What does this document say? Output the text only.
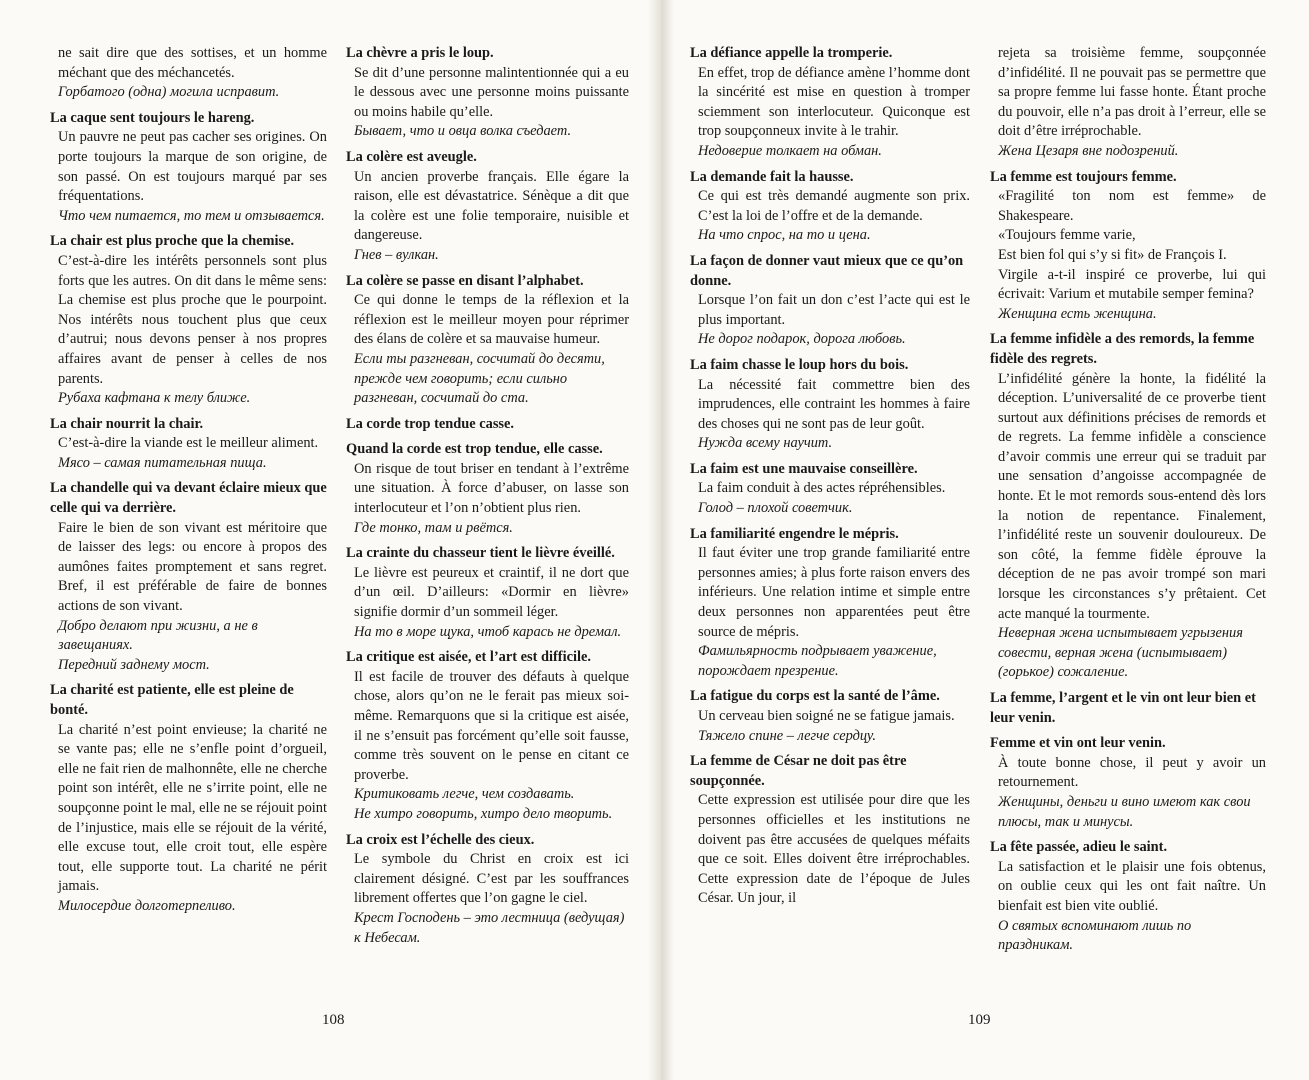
ne sait dire que des sottises, et un homme méchant que des méchancetés.

Горбатого (одна) могила исправит.

La caque sent toujours le hareng.

Un pauvre ne peut pas cacher ses origines. On porte toujours la marque de son origine, de son passé. On est toujours marqué par ses fréquentations.

Что чем питается, то тем и отзывается.

La chair est plus proche que la chemise.

C’est-à-dire les intérêts personnels sont plus forts que les autres. On dit dans le même sens: La chemise est plus proche que le pourpoint. Nos intérêts nous touchent plus que ceux d’autrui; nous devons penser à nos propres affaires avant de penser à celles de nos parents.

Рубаха кафтана к телу ближе.

La chair nourrit la chair.

C’est-à-dire la viande est le meilleur aliment.

Мясо – самая питательная пища.

La chandelle qui va devant éclaire mieux que celle qui va derrière.

Faire le bien de son vivant est méritoire que de laisser des legs: ou encore à propos des aumônes faites promptement et sans regret. Bref, il est préférable de faire de bonnes actions de son vivant.

Добро делают при жизни, а не в завещаниях.

Передний заднему мост.

La charité est patiente, elle est pleine de bonté.

La charité n’est point envieuse; la charité ne se vante pas; elle ne s’enfle point d’orgueil, elle ne fait rien de malhonnête, elle ne cherche point son intérêt, elle ne s’irrite point, elle ne soupçonne point le mal, elle ne se réjouit point de l’injustice, mais elle se réjouit de la vérité, elle excuse tout, elle croit tout, elle espère tout, elle supporte tout. La charité ne périt jamais.

Милосердие долготерпеливо.

La chèvre a pris le loup.

Se dit d’une personne malintentionnée qui a eu le dessous avec une personne moins puissante ou moins habile qu’elle.

Бывает, что и овца волка съедает.

La colère est aveugle.

Un ancien proverbe français. Elle égare la raison, elle est dévastatrice. Sénèque a dit que la colère est une folie temporaire, nuisible et dangereuse.

Гнев – вулкан.

La colère se passe en disant l’alphabet.

Ce qui donne le temps de la réflexion et la réflexion est le meilleur moyen pour réprimer des élans de colère et sa mauvaise humeur.

Если ты разгневан, сосчитай до десяти, прежде чем говорить; если сильно разгневан, сосчитай до ста.

La corde trop tendue casse.

Quand la corde est trop tendue, elle casse.

On risque de tout briser en tendant à l’extrême une situation. À force d’abuser, on lasse son interlocuteur et l’on n’obtient plus rien.

Где тонко, там и рвётся.

La crainte du chasseur tient le lièvre éveillé.

Le lièvre est peureux et craintif, il ne dort que d’un œil. D’ailleurs: «Dormir en lièvre» signifie dormir d’un sommeil léger.

На то в море щука, чтоб карась не дремал.

La critique est aisée, et l’art est difficile.

Il est facile de trouver des défauts à quelque chose, alors qu’on ne le ferait pas mieux soi-même. Remarquons que si la critique est aisée, il ne s’ensuit pas forcément qu’elle soit fausse, comme très souvent on le pense en citant ce proverbe.

Критиковать легче, чем создавать.

Не хитро говорить, хитро дело творить.

La croix est l’échelle des cieux.

Le symbole du Christ en croix est ici clairement désigné. C’est par les souffrances librement offertes que l’on gagne le ciel.

Крест Господень – это лестница (ведущая) к Небесам.

La défiance appelle la tromperie.

En effet, trop de défiance amène l’homme dont la sincérité est mise en question à tromper sciemment son interlocuteur. Quiconque est trop soupçonneux invite à le trahir.

Недоверие толкает на обман.

La demande fait la hausse.

Ce qui est très demandé augmente son prix. C’est la loi de l’offre et de la demande.

На что спрос, на то и цена.

La façon de donner vaut mieux que ce qu’on donne.

Lorsque l’on fait un don c’est l’acte qui est le plus important.

Не дорог подарок, дорога любовь.

La faim chasse le loup hors du bois.

La nécessité fait commettre bien des imprudences, elle contraint les hommes à faire des choses qui ne sont pas de leur goût.

Нужда всему научит.

La faim est une mauvaise conseillère.

La faim conduit à des actes répréhensibles.

Голод – плохой советчик.

La familiarité engendre le mépris.

Il faut éviter une trop grande familiarité entre personnes amies; à plus forte raison envers des inférieurs. Une relation intime et simple entre deux personnes non apparentées peut être source de mépris.

Фамильярность подрывает уважение, порождает презрение.

La fatigue du corps est la santé de l’âme.

Un cerveau bien soigné ne se fatigue jamais.

Тяжело спине – легче сердцу.

La femme de César ne doit pas être soupçonnée.

Cette expression est utilisée pour dire que les personnes officielles et les institutions ne doivent pas être accusées de quelques méfaits que ce soit. Elles doivent être irréprochables. Cette expression date de l’époque de Jules César. Un jour, il

rejeta sa troisième femme, soupçonnée d’infidélité. Il ne pouvait pas se permettre que sa propre femme lui fasse honte. Étant proche du pouvoir, elle n’a pas droit à l’erreur, elle se doit d’être irréprochable.

Жена Цезаря вне подозрений.

La femme est toujours femme.

«Fragilité ton nom est femme» de Shakespeare.

«Toujours femme varie,

Est bien fol qui s’y si fit» de François I.

Virgile a-t-il inspiré ce proverbe, lui qui écrivait: Varium et mutabile semper femina?

Женщина есть женщина.

La femme infidèle a des remords, la femme fidèle des regrets.

L’infidélité génère la honte, la fidélité la déception. L’universalité de ce proverbe tient surtout aux définitions précises de remords et de regrets. La femme infidèle a conscience d’avoir commis une erreur qui se traduit par une sensation d’angoisse accompagnée de honte. Et le mot remords sous-entend dès lors la notion de repentance. Finalement, l’infidélité reste un souvenir douloureux. De son côté, la femme fidèle éprouve la déception de ne pas avoir trompé son mari lorsque les circonstances s’y prêtaient. Cet acte manqué la tourmente.

Неверная жена испытывает угрызения совести, верная жена (испытывает) (горькое) сожаление.

La femme, l’argent et le vin ont leur bien et leur venin.

Femme et vin ont leur venin.

À toute bonne chose, il peut y avoir un retournement.

Женщины, деньги и вино имеют как свои плюсы, так и минусы.

La fête passée, adieu le saint.

La satisfaction et le plaisir une fois obtenus, on oublie ceux qui les ont fait naître. Un bienfait est bien vite oublié.

О святых вспоминают лишь по праздникам.

108	109
